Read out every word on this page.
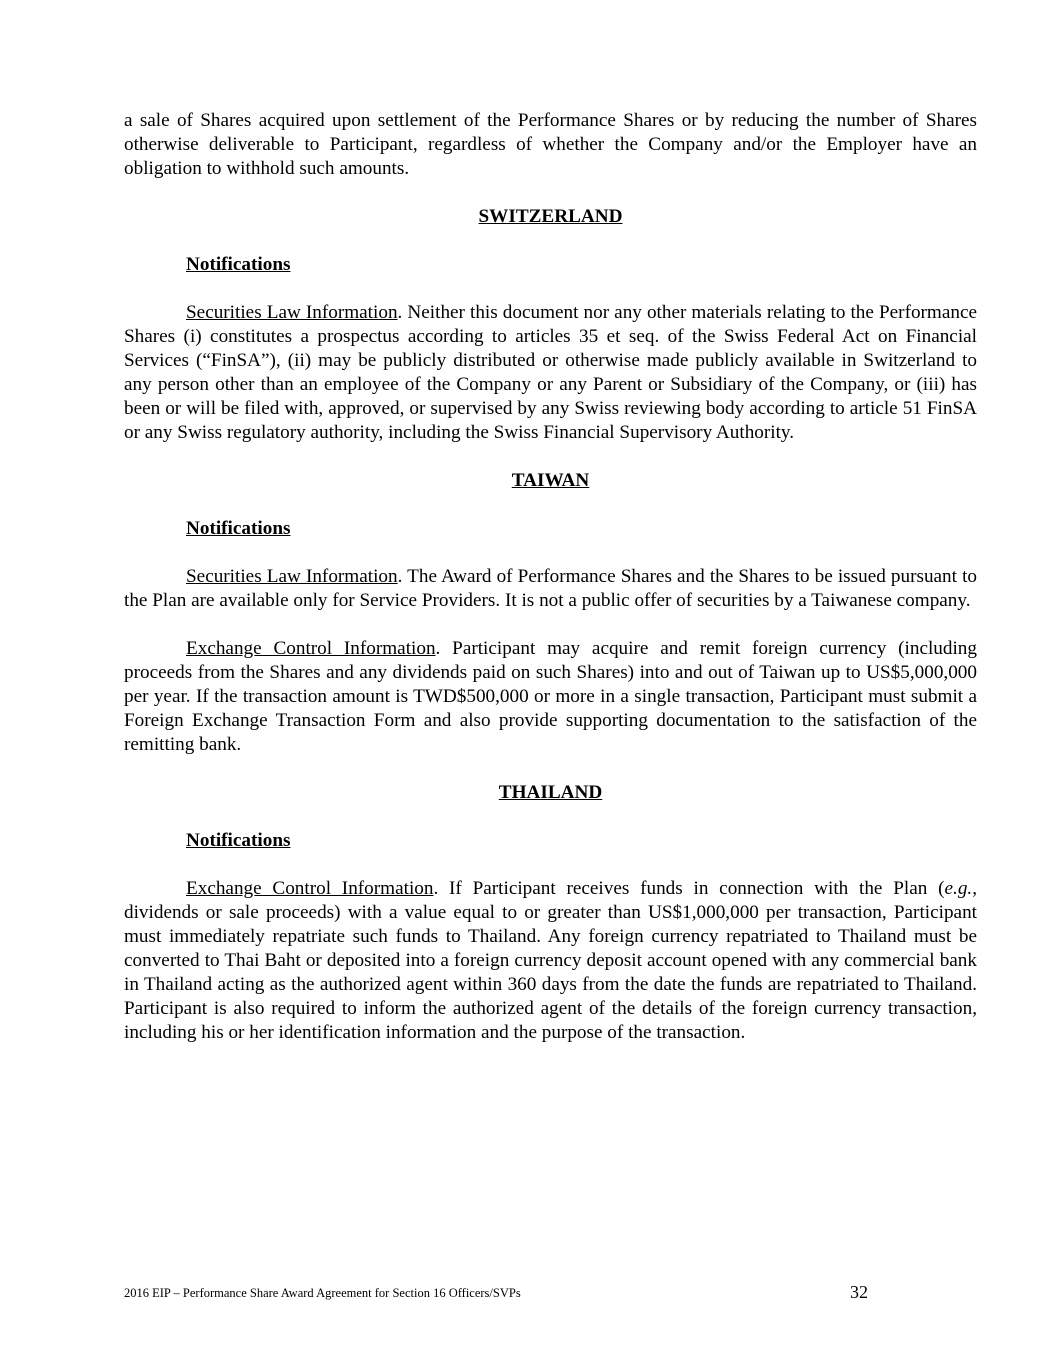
a sale of Shares acquired upon settlement of the Performance Shares or by reducing the number of Shares otherwise deliverable to Participant, regardless of whether the Company and/or the Employer have an obligation to withhold such amounts.

SWITZERLAND
Notifications

Securities Law Information. Neither this document nor any other materials relating to the Performance Shares (i) constitutes a prospectus according to articles 35 et seq. of the Swiss Federal Act on Financial Services (“FinSA”), (ii) may be publicly distributed or otherwise made publicly available in Switzerland to any person other than an employee of the Company or any Parent or Subsidiary of the Company, or (iii) has been or will be filed with, approved, or supervised by any Swiss reviewing body according to article 51 FinSA or any Swiss regulatory authority, including the Swiss Financial Supervisory Authority.

TAIWAN
Notifications

Securities Law Information. The Award of Performance Shares and the Shares to be issued pursuant to the Plan are available only for Service Providers. It is not a public offer of securities by a Taiwanese company.

Exchange Control Information. Participant may acquire and remit foreign currency (including proceeds from the Shares and any dividends paid on such Shares) into and out of Taiwan up to US$5,000,000 per year. If the transaction amount is TWD$500,000 or more in a single transaction, Participant must submit a Foreign Exchange Transaction Form and also provide supporting documentation to the satisfaction of the remitting bank.

THAILAND
Notifications

Exchange Control Information. If Participant receives funds in connection with the Plan (e.g., dividends or sale proceeds) with a value equal to or greater than US$1,000,000 per transaction, Participant must immediately repatriate such funds to Thailand. Any foreign currency repatriated to Thailand must be converted to Thai Baht or deposited into a foreign currency deposit account opened with any commercial bank in Thailand acting as the authorized agent within 360 days from the date the funds are repatriated to Thailand. Participant is also required to inform the authorized agent of the details of the foreign currency transaction, including his or her identification information and the purpose of the transaction.

2016 EIP – Performance Share Award Agreement for Section 16 Officers/SVPs	32
